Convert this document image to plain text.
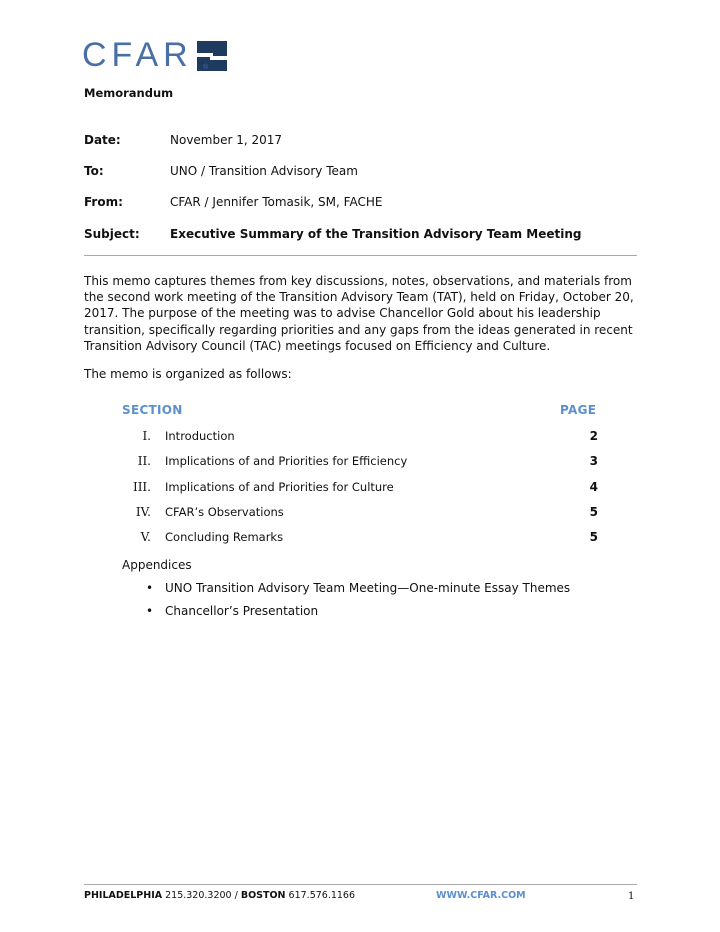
CFAR ®
Memorandum
Date:	November 1, 2017
To:	UNO / Transition Advisory Team
From:	CFAR / Jennifer Tomasik, SM, FACHE
Subject:	Executive Summary of the Transition Advisory Team Meeting
This memo captures themes from key discussions, notes, observations, and materials from the second work meeting of the Transition Advisory Team (TAT), held on Friday, October 20, 2017. The purpose of the meeting was to advise Chancellor Gold about his leadership transition, specifically regarding priorities and any gaps from the ideas generated in recent Transition Advisory Council (TAC) meetings focused on Efficiency and Culture.
The memo is organized as follows:
SECTION	PAGE
I. Introduction	2
II. Implications of and Priorities for Efficiency	3
III. Implications of and Priorities for Culture	4
IV. CFAR’s Observations	5
V. Concluding Remarks	5
Appendices
• UNO Transition Advisory Team Meeting—One-minute Essay Themes
• Chancellor’s Presentation
PHILADELPHIA 215.320.3200 / BOSTON 617.576.1166	WWW.CFAR.COM	1
